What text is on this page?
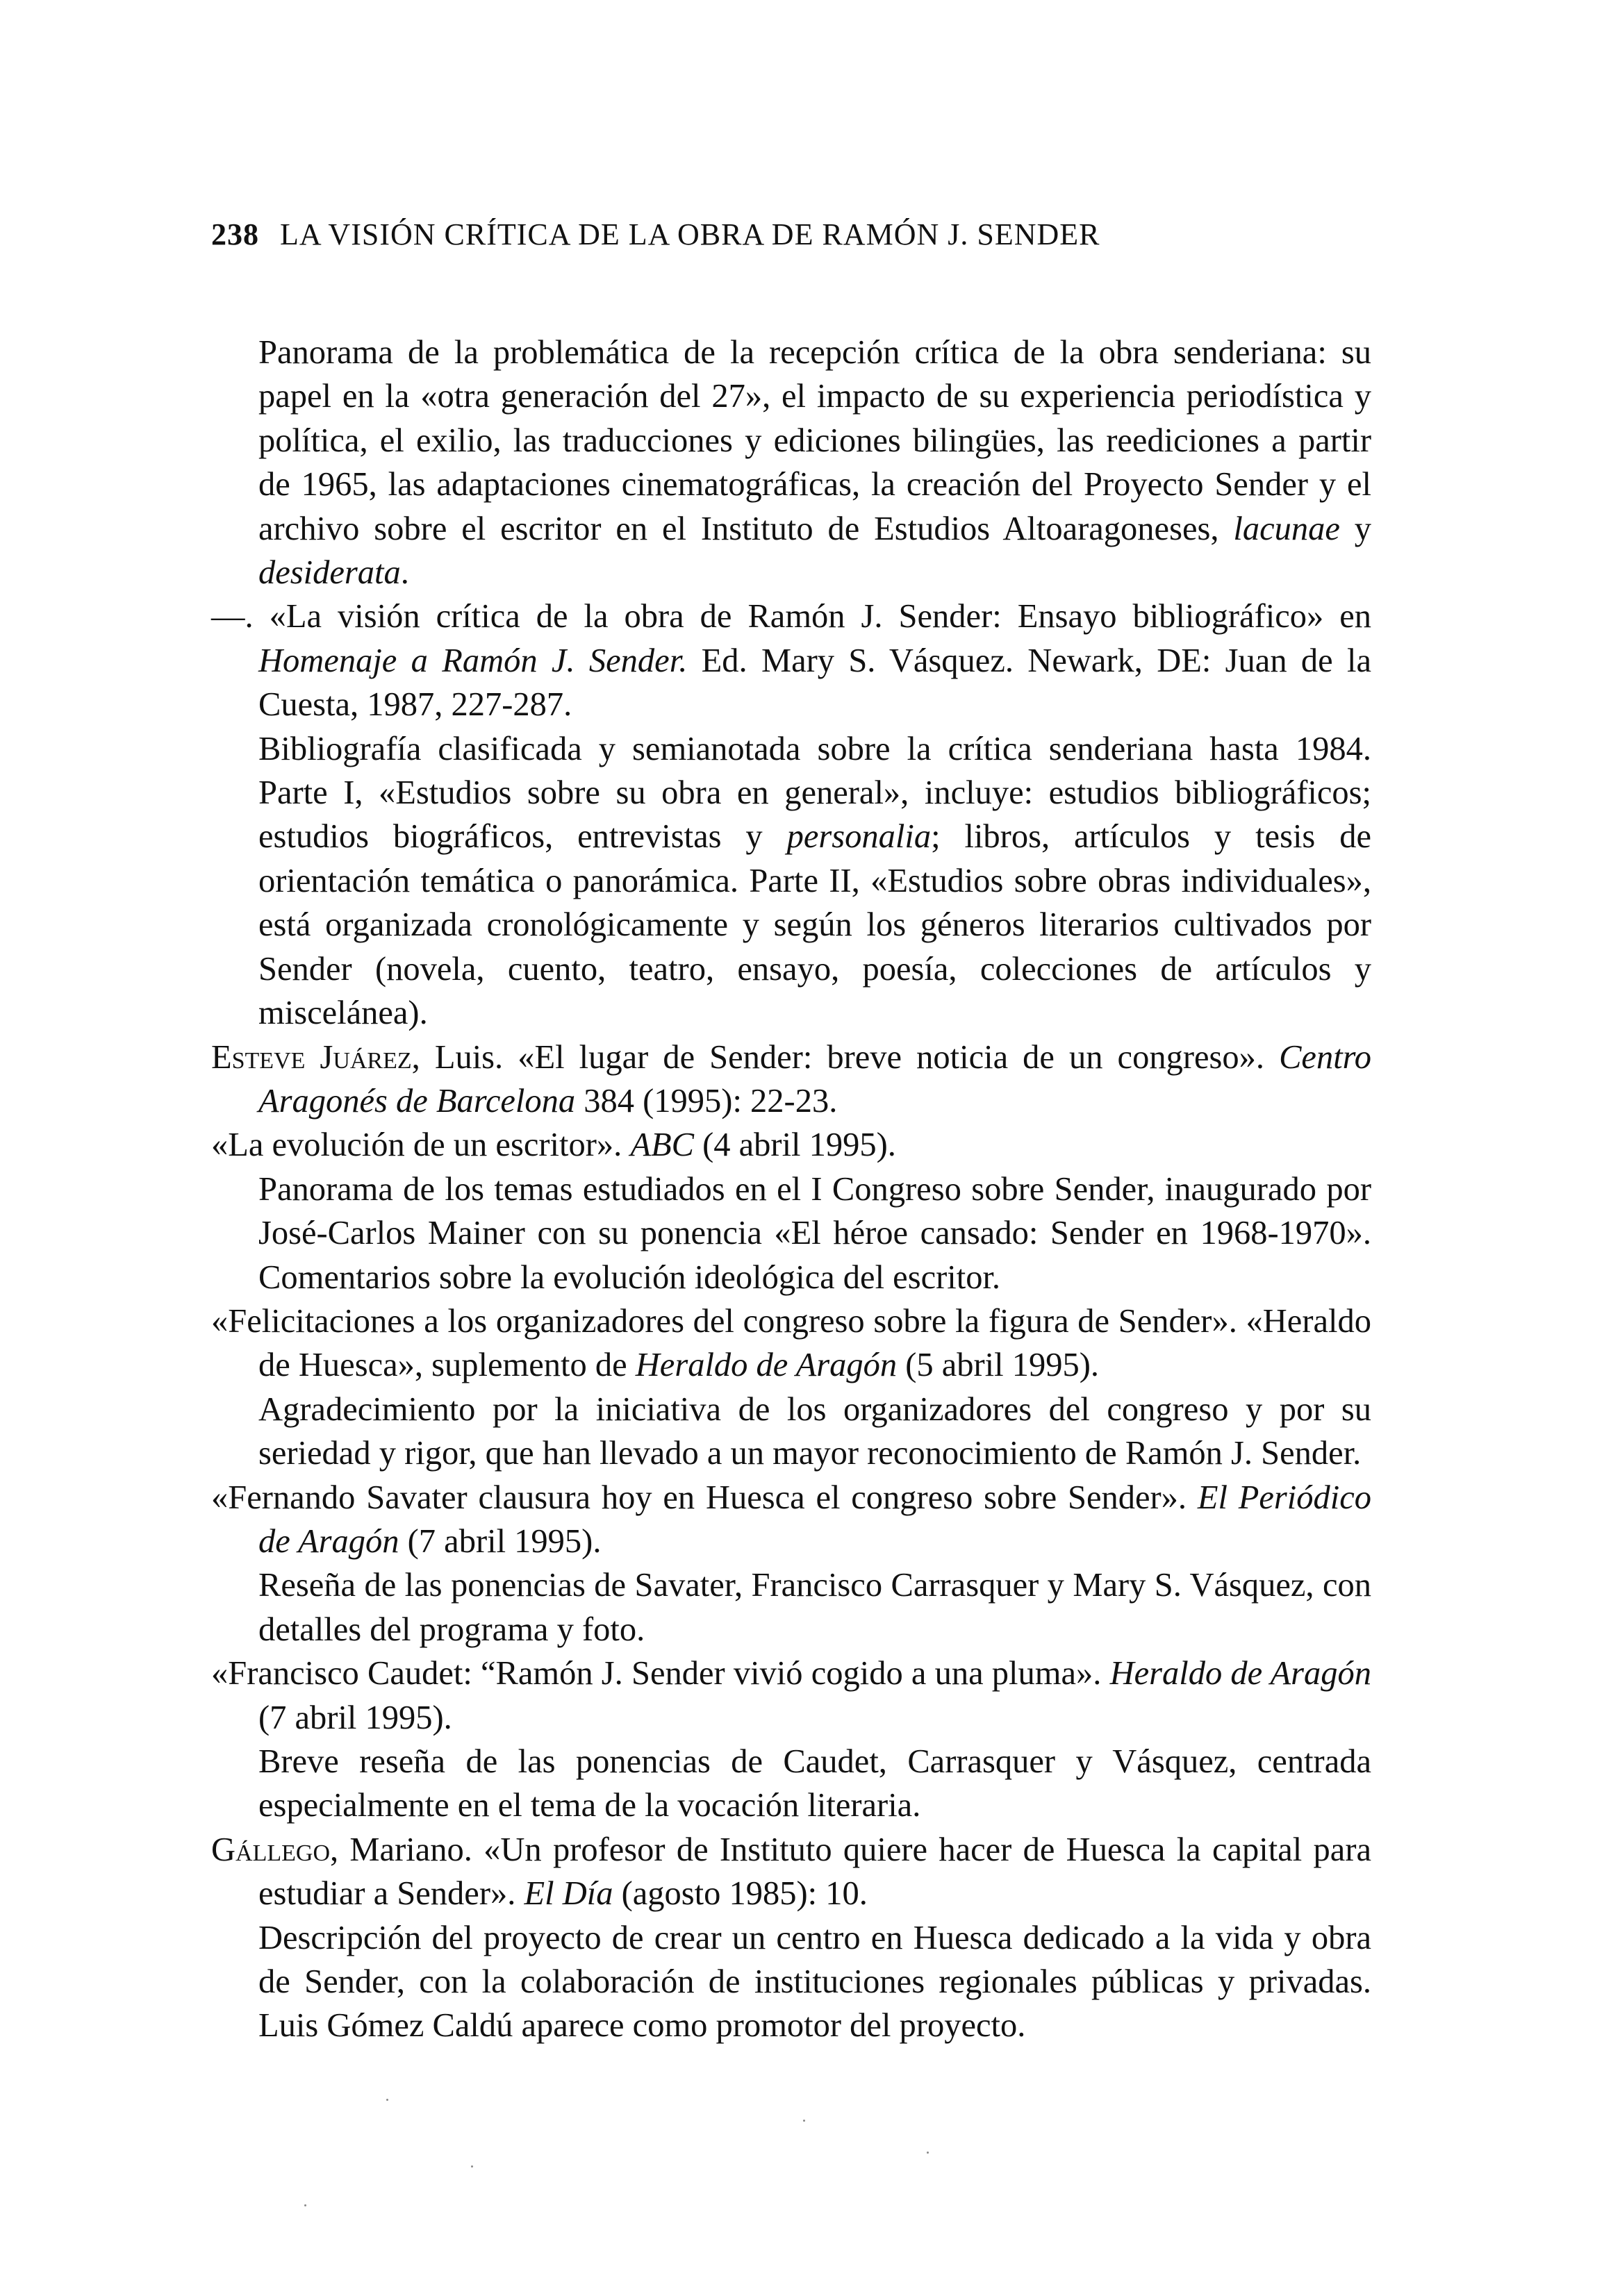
238 LA VISIÓN CRÍTICA DE LA OBRA DE RAMÓN J. SENDER

Panorama de la problemática de la recepción crítica de la obra senderiana: su papel en la «otra generación del 27», el impacto de su experiencia periodística y política, el exilio, las traducciones y ediciones bilingües, las reediciones a partir de 1965, las adaptaciones cinematográficas, la creación del Proyecto Sender y el archivo sobre el escritor en el Instituto de Estudios Altoaragoneses, lacunae y desiderata.

—. «La visión crítica de la obra de Ramón J. Sender: Ensayo bibliográfico» en Homenaje a Ramón J. Sender. Ed. Mary S. Vásquez. Newark, DE: Juan de la Cuesta, 1987, 227-287.

Bibliografía clasificada y semianotada sobre la crítica senderiana hasta 1984. Parte I, «Estudios sobre su obra en general», incluye: estudios bibliográficos; estudios biográficos, entrevistas y personalia; libros, artículos y tesis de orientación temática o panorámica. Parte II, «Estudios sobre obras individuales», está organizada cronológicamente y según los géneros literarios cultivados por Sender (novela, cuento, teatro, ensayo, poesía, colecciones de artículos y miscelánea).

Esteve Juárez, Luis. «El lugar de Sender: breve noticia de un congreso». Centro Aragonés de Barcelona 384 (1995): 22-23.

«La evolución de un escritor». ABC (4 abril 1995).

Panorama de los temas estudiados en el I Congreso sobre Sender, inaugurado por José-Carlos Mainer con su ponencia «El héroe cansado: Sender en 1968-1970». Comentarios sobre la evolución ideológica del escritor.

«Felicitaciones a los organizadores del congreso sobre la figura de Sender». «Heraldo de Huesca», suplemento de Heraldo de Aragón (5 abril 1995).

Agradecimiento por la iniciativa de los organizadores del congreso y por su seriedad y rigor, que han llevado a un mayor reconocimiento de Ramón J. Sender.

«Fernando Savater clausura hoy en Huesca el congreso sobre Sender». El Periódico de Aragón (7 abril 1995).

Reseña de las ponencias de Savater, Francisco Carrasquer y Mary S. Vásquez, con detalles del programa y foto.

«Francisco Caudet: “Ramón J. Sender vivió cogido a una pluma». Heraldo de Aragón (7 abril 1995).

Breve reseña de las ponencias de Caudet, Carrasquer y Vásquez, centrada especialmente en el tema de la vocación literaria.

Gállego, Mariano. «Un profesor de Instituto quiere hacer de Huesca la capital para estudiar a Sender». El Día (agosto 1985): 10.

Descripción del proyecto de crear un centro en Huesca dedicado a la vida y obra de Sender, con la colaboración de instituciones regionales públicas y privadas. Luis Gómez Caldú aparece como promotor del proyecto.
